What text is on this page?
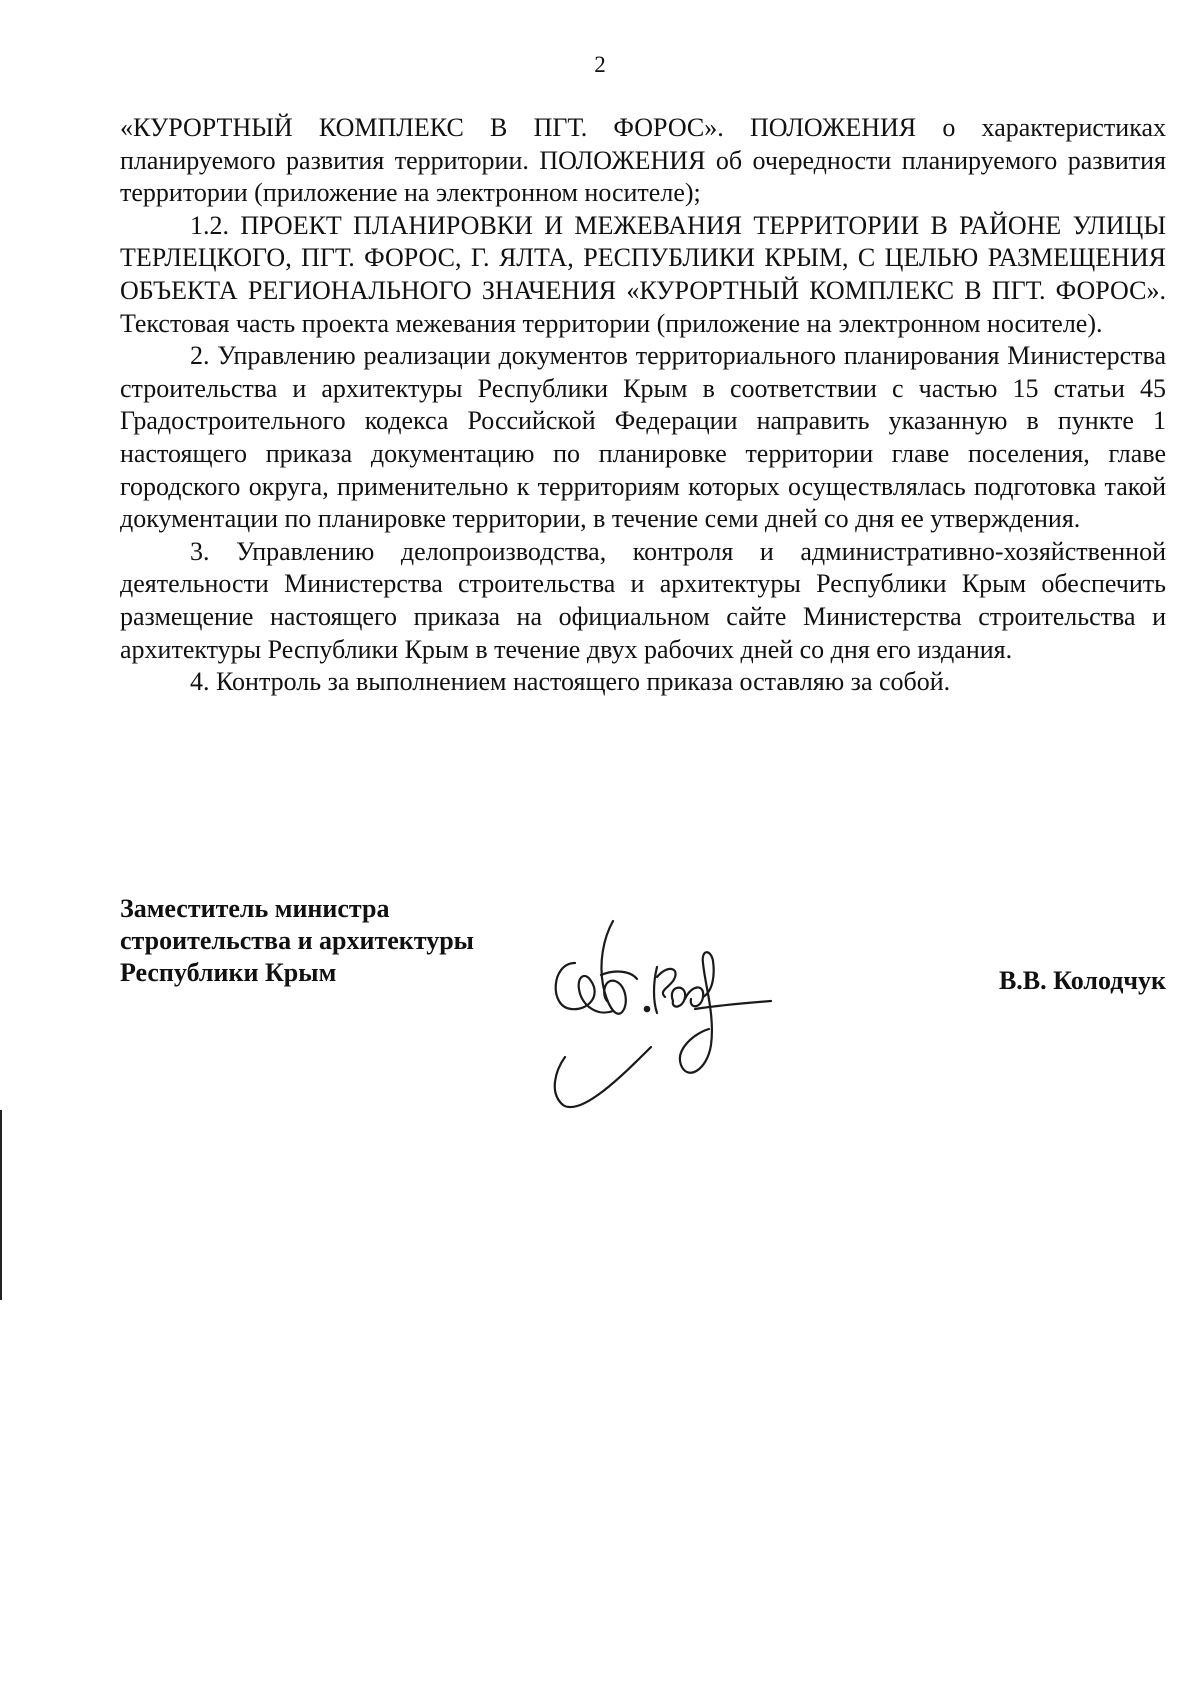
2

«КУРОРТНЫЙ КОМПЛЕКС В ПГТ. ФОРОС». ПОЛОЖЕНИЯ о характеристиках планируемого развития территории. ПОЛОЖЕНИЯ об очередности планируемого развития территории (приложение на электронном носителе);

1.2. ПРОЕКТ ПЛАНИРОВКИ И МЕЖЕВАНИЯ ТЕРРИТОРИИ В РАЙОНЕ УЛИЦЫ ТЕРЛЕЦКОГО, ПГТ. ФОРОС, Г. ЯЛТА, РЕСПУБЛИКИ КРЫМ, С ЦЕЛЬЮ РАЗМЕЩЕНИЯ ОБЪЕКТА РЕГИОНАЛЬНОГО ЗНАЧЕНИЯ «КУРОРТНЫЙ КОМПЛЕКС В ПГТ. ФОРОС». Текстовая часть проекта межевания территории (приложение на электронном носителе).

2. Управлению реализации документов территориального планирования Министерства строительства и архитектуры Республики Крым в соответствии с частью 15 статьи 45 Градостроительного кодекса Российской Федерации направить указанную в пункте 1 настоящего приказа документацию по планировке территории главе поселения, главе городского округа, применительно к территориям которых осуществлялась подготовка такой документации по планировке территории, в течение семи дней со дня ее утверждения.

3. Управлению делопроизводства, контроля и административно-хозяйственной деятельности Министерства строительства и архитектуры Республики Крым обеспечить размещение настоящего приказа на официальном сайте Министерства строительства и архитектуры Республики Крым в течение двух рабочих дней со дня его издания.

4. Контроль за выполнением настоящего приказа оставляю за собой.

Заместитель министра
строительства и архитектуры
Республики Крым	В.В. Колодчук
